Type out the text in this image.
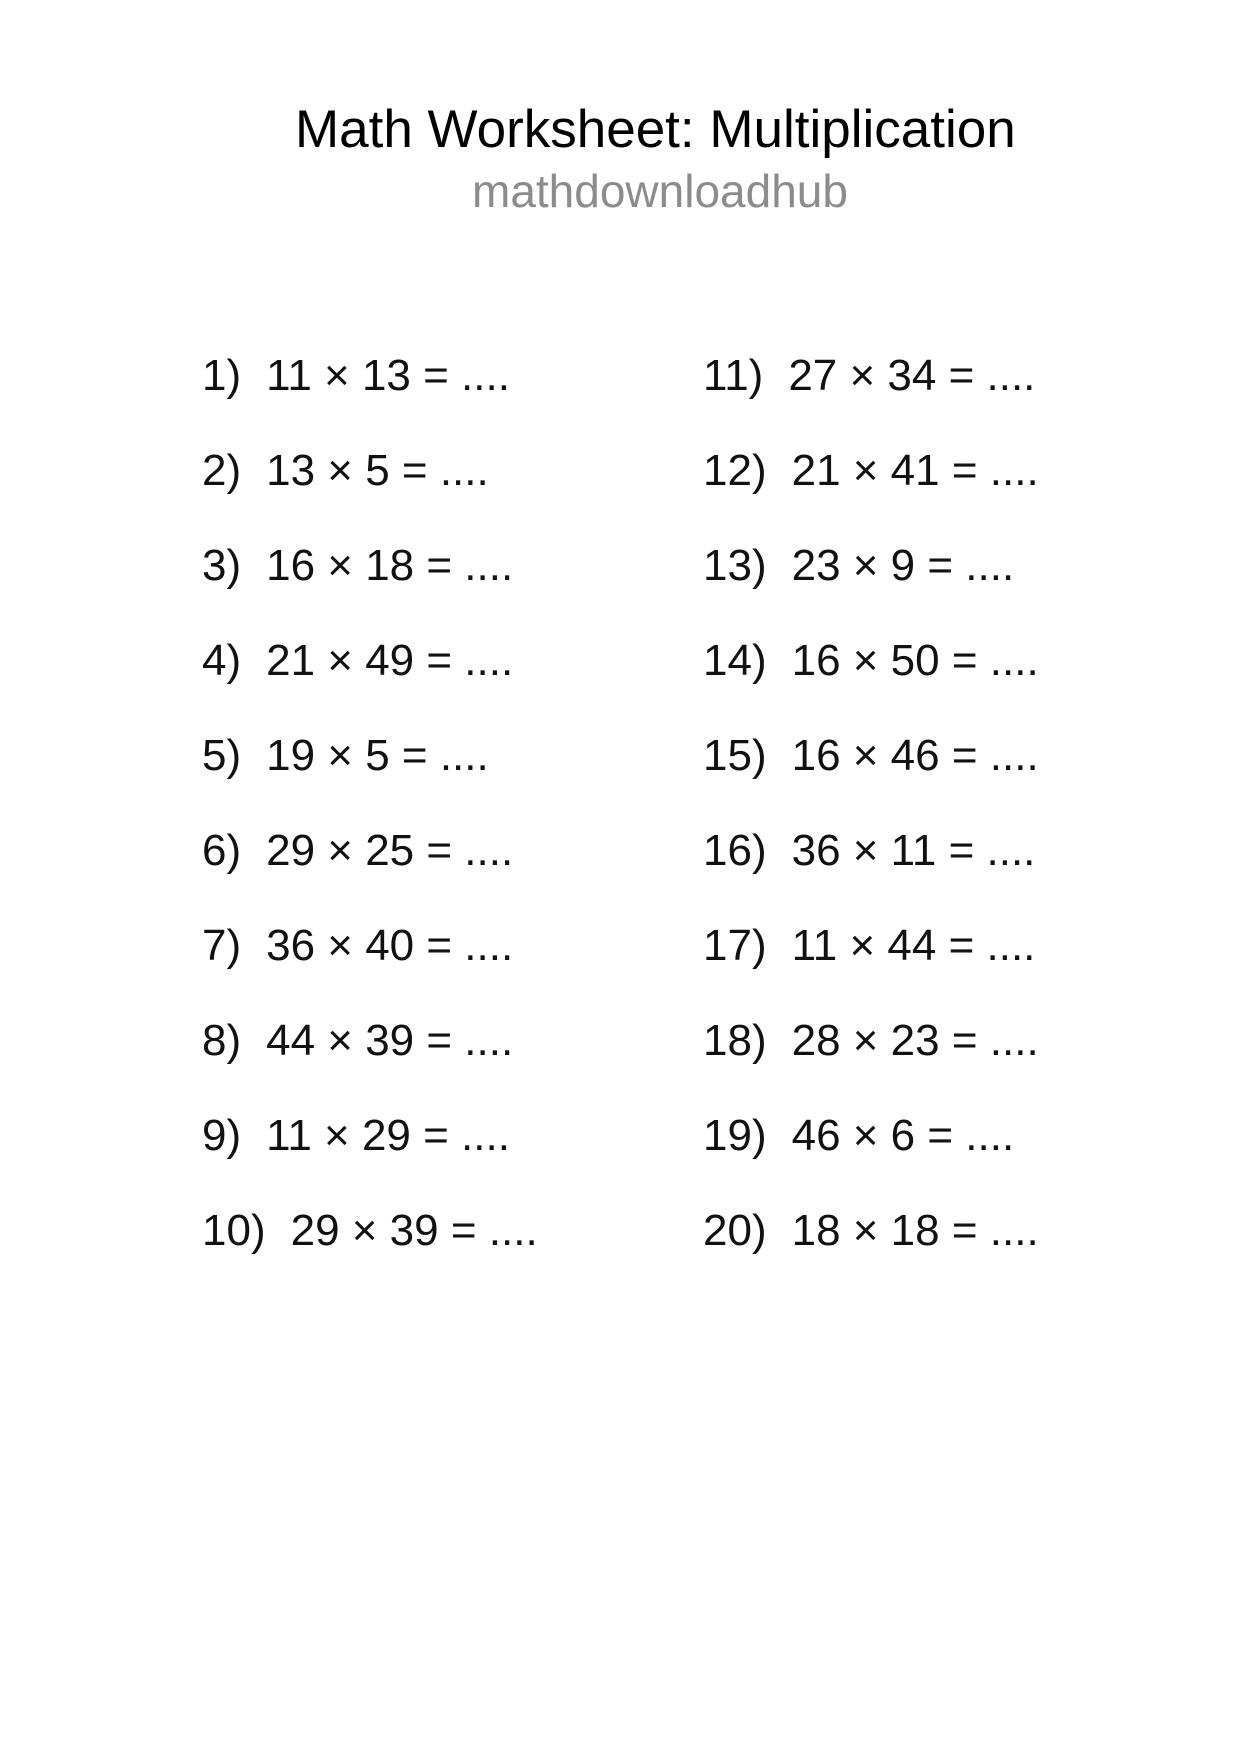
Math Worksheet: Multiplication
mathdownloadhub
1) 11 × 13 = ....
2) 13 × 5 = ....
3) 16 × 18 = ....
4) 21 × 49 = ....
5) 19 × 5 = ....
6) 29 × 25 = ....
7) 36 × 40 = ....
8) 44 × 39 = ....
9) 11 × 29 = ....
10) 29 × 39 = ....
11) 27 × 34 = ....
12) 21 × 41 = ....
13) 23 × 9 = ....
14) 16 × 50 = ....
15) 16 × 46 = ....
16) 36 × 11 = ....
17) 11 × 44 = ....
18) 28 × 23 = ....
19) 46 × 6 = ....
20) 18 × 18 = ....
